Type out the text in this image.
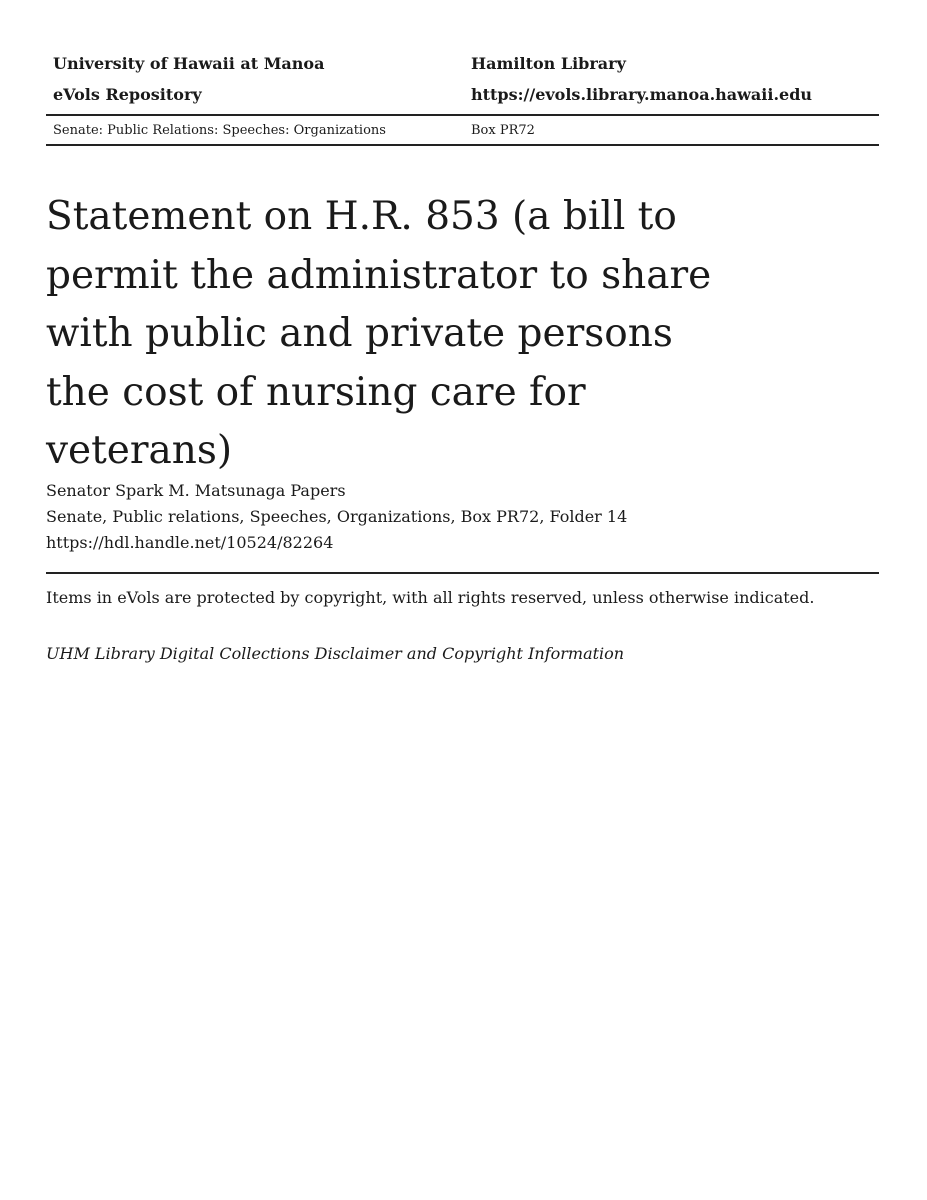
University of Hawaii at Manoa	Hamilton Library
eVols Repository	https://evols.library.manoa.hawaii.edu
Senate: Public Relations: Speeches: Organizations	Box PR72
Statement on H.R. 853 (a bill to permit the administrator to share with public and private persons the cost of nursing care for veterans)
Senator Spark M. Matsunaga Papers
Senate, Public relations, Speeches, Organizations, Box PR72, Folder 14
https://hdl.handle.net/10524/82264
Items in eVols are protected by copyright, with all rights reserved, unless otherwise indicated.
UHM Library Digital Collections Disclaimer and Copyright Information
